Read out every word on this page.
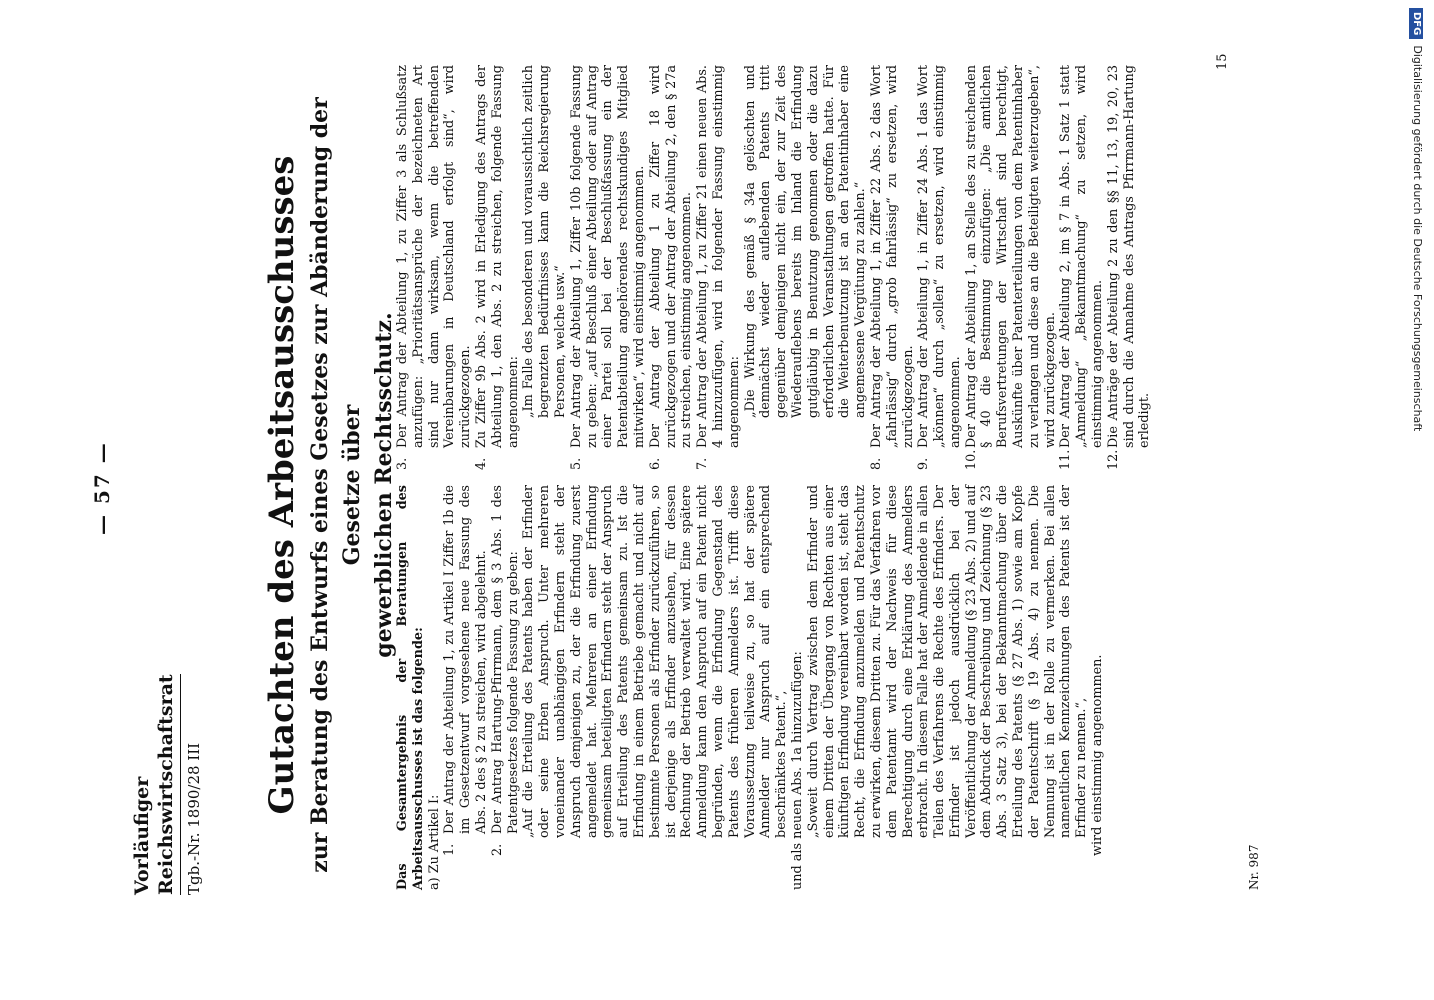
Vorläufiger Reichswirtschaftsrat Tgb.-Nr. 1890/28 III
— 57 —	Gutachten des Arbeitsausschusses zur Beratung des Entwurfs eines Gesetzes zur Abänderung der Gesetze über gewerblichen Rechtsschutz.

Das Gesamtergebnis der Beratungen des Arbeitsausschusses ist das folgende: a) Zu Artikel I: 1.
Der Antrag der Abteilung 1, zu Artikel I Ziffer 1b die im Gesetzentwurf vorgesehene neue Fassung des Abs. 2 des § 2 zu streichen, wird abgelehnt.
2.
Der Antrag Hartung-Pfirrmann, dem § 3 Abs. 1 des Patentgesetzes folgende Fassung zu geben: „Auf die Erteilung des Patents haben der Erfinder oder seine Erben Anspruch. Unter mehreren voneinander unabhängigen Erfindern steht der Anspruch demjenigen zu, der die Erfindung zuerst angemeldet hat. Mehreren an einer Erfindung gemeinsam beteiligten Erfindern steht der Anspruch auf Erteilung des Patents gemeinsam zu. Ist die Erfindung in einem Betriebe gemacht und nicht auf bestimmte Personen als Erfinder zurückzuführen, so ist derjenige als Erfinder anzusehen, für dessen Rechnung der Betrieb verwaltet wird. Eine spätere Anmeldung kann den Anspruch auf ein Patent nicht begründen, wenn die Erfindung Gegenstand des Patents des früheren Anmelders ist. Trifft diese Voraussetzung teilweise zu, so hat der spätere Anmelder nur Anspruch auf ein entsprechend beschränktes Patent.“, und als neuen Abs. 1a hinzuzufügen: „Soweit durch Vertrag zwischen dem Erfinder und einem Dritten der Übergang von Rechten aus einer künftigen Erfindung vereinbart worden ist, steht das Recht, die Erfindung anzumelden und Patentschutz zu erwirken, diesem Dritten zu. Für das Verfahren vor dem Patentamt wird der Nachweis für diese Berechtigung durch eine Erklärung des Anmelders erbracht. In diesem Falle hat der Anmeldende in allen Teilen des Verfahrens die Rechte des Erfinders. Der Erfinder ist jedoch ausdrücklich bei der Veröffentlichung der Anmeldung (§ 23 Abs. 2) und auf dem Abdruck der Beschreibung und Zeichnung (§ 23 Abs. 3 Satz 3), bei der Bekanntmachung über die Erteilung des Patents (§ 27 Abs. 1) sowie am Kopfe der Patentschrift (§ 19 Abs. 4) zu nennen. Die Nennung ist in der Rolle zu vermerken. Bei allen namentlichen Kennzeichnungen des Patents ist der Erfinder zu nennen.“, wird einstimmig angenommen.

3.
Der Antrag der Abteilung 1, zu Ziffer 3 als Schlußsatz anzufügen: „Prioritätsansprüche der bezeichneten Art sind nur dann wirksam, wenn die betreffenden Vereinbarungen in Deutschland erfolgt sind“, wird zurückgezogen.
4.
Zu Ziffer 9b Abs. 2 wird in Erledigung des Antrags der Abteilung 1, den Abs. 2 zu streichen, folgende Fassung angenommen: „Im Falle des besonderen und voraussichtlich zeitlich begrenzten Bedürfnisses kann die Reichsregierung Personen, welche usw.“

5.
Der Antrag der Abteilung 1, Ziffer 10b folgende Fassung zu geben: „auf Beschluß einer Abteilung oder auf Antrag einer Partei soll bei der Beschlußfassung ein der Patentabteilung angehörendes rechtskundiges Mitglied mitwirken“, wird einstimmig angenommen.
6.
Der Antrag der Abteilung 1 zu Ziffer 18 wird zurückgezogen und der Antrag der Abteilung 2, den § 27a zu streichen, einstimmig angenommen.
7.
Der Antrag der Abteilung 1, zu Ziffer 21 einen neuen Abs. 4 hinzuzufügen, wird in folgender Fassung einstimmig angenommen: „Die Wirkung des gemäß § 34a gelöschten und demnächst wieder auflebenden Patents tritt gegenüber demjenigen nicht ein, der zur Zeit des Wiederauflebens bereits im Inland die Erfindung gutgläubig in Benutzung genommen oder die dazu erforderlichen Veranstaltungen getroffen hatte. Für die Weiterbenutzung ist an den Patentinhaber eine angemessene Vergütung zu zahlen.“

8.
Der Antrag der Abteilung 1, in Ziffer 22 Abs. 2 das Wort „fahrlässig“ durch „grob fahrlässig“ zu ersetzen, wird zurückgezogen.
9.
Der Antrag der Abteilung 1, in Ziffer 24 Abs. 1 das Wort „können“ durch „sollen“ zu ersetzen, wird einstimmig angenommen.
10.
Der Antrag der Abteilung 1, an Stelle des zu streichenden § 40 die Bestimmung einzufügen: „Die amtlichen Berufsvertretungen der Wirtschaft sind berechtigt, Auskünfte über Patenterteilungen von dem Patentinhaber zu verlangen und diese an die Beteiligten weiterzugeben“, wird zurückgezogen.
11.
Der Antrag der Abteilung 2, im § 7 in Abs. 1 Satz 1 statt „Anmeldung“ „Bekanntmachung“ zu setzen, wird einstimmig angenommen.
12.
Die Anträge der Abteilung 2 zu den §§ 11, 13, 19, 20, 23 sind durch die Annahme des Antrags Pfirrmann-Hartung erledigt.
Nr. 987
15
DFGDigitalisierung gefördert durch die Deutsche Forschungsgemeinschaft
